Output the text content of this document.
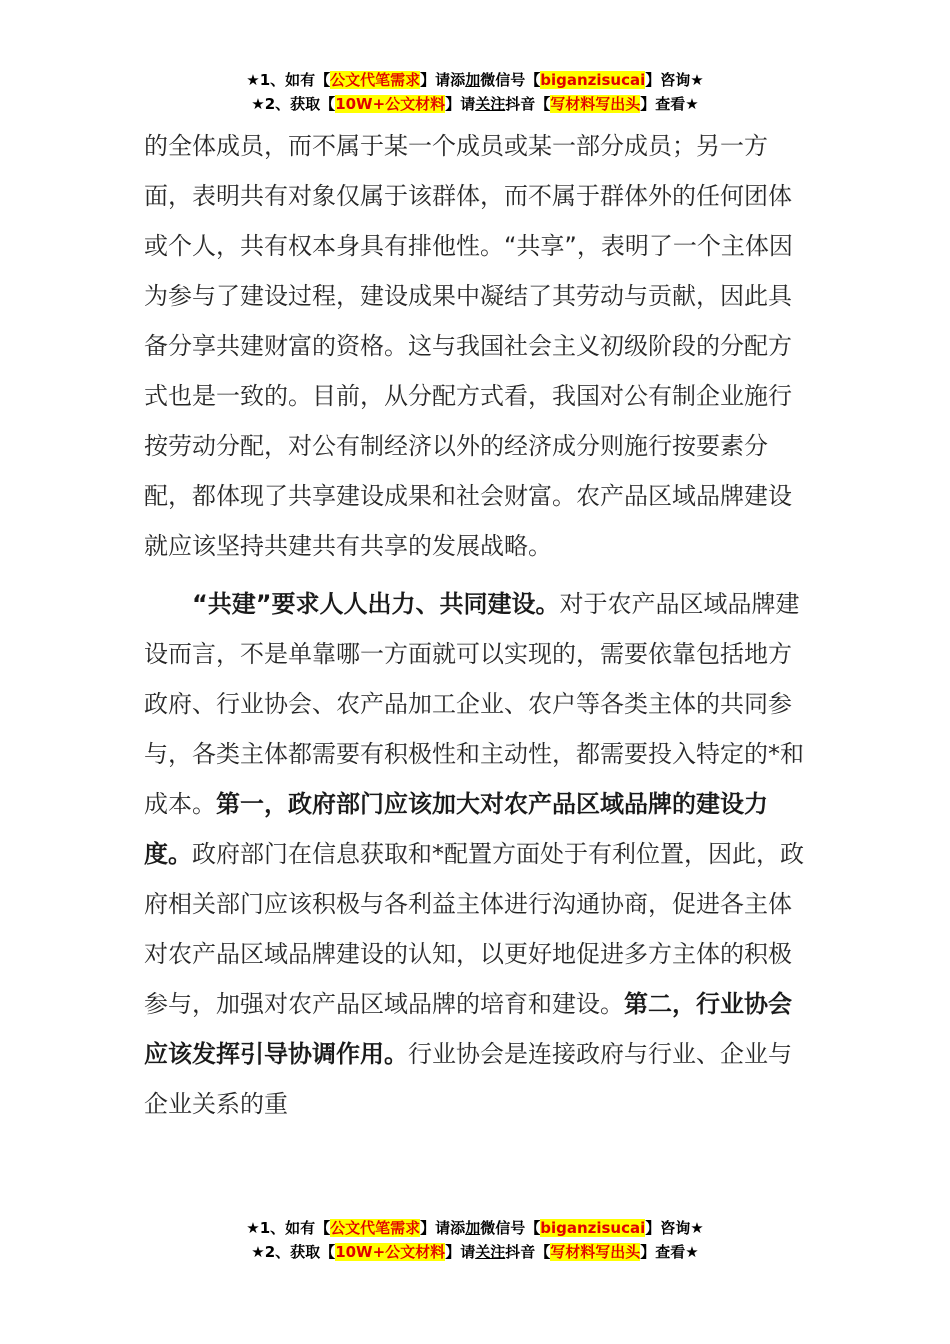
★1、如有【公文代笔需求】请添加微信号【biganzisucai】咨询★
★2、获取【10W+公文材料】请关注抖音【写材料写出头】查看★

的全体成员，而不属于某一个成员或某一部分成员；另一方面，表明共有对象仅属于该群体，而不属于群体外的任何团体或个人，共有权本身具有排他性。“共享”，表明了一个主体因为参与了建设过程，建设成果中凝结了其劳动与贡献，因此具备分享共建财富的资格。这与我国社会主义初级阶段的分配方式也是一致的。目前，从分配方式看，我国对公有制企业施行按劳动分配，对公有制经济以外的经济成分则施行按要素分配，都体现了共享建设成果和社会财富。农产品区域品牌建设就应该坚持共建共有共享的发展战略。

“共建”要求人人出力、共同建设。对于农产品区域品牌建设而言，不是单靠哪一方面就可以实现的，需要依靠包括地方政府、行业协会、农产品加工企业、农户等各类主体的共同参与，各类主体都需要有积极性和主动性，都需要投入特定的*和成本。第一，政府部门应该加大对农产品区域品牌的建设力度。政府部门在信息获取和*配置方面处于有利位置，因此，政府相关部门应该积极与各利益主体进行沟通协商，促进各主体对农产品区域品牌建设的认知，以更好地促进多方主体的积极参与，加强对农产品区域品牌的培育和建设。第二，行业协会应该发挥引导协调作用。行业协会是连接政府与行业、企业与企业关系的重

★1、如有【公文代笔需求】请添加微信号【biganzisucai】咨询★
★2、获取【10W+公文材料】请关注抖音【写材料写出头】查看★
